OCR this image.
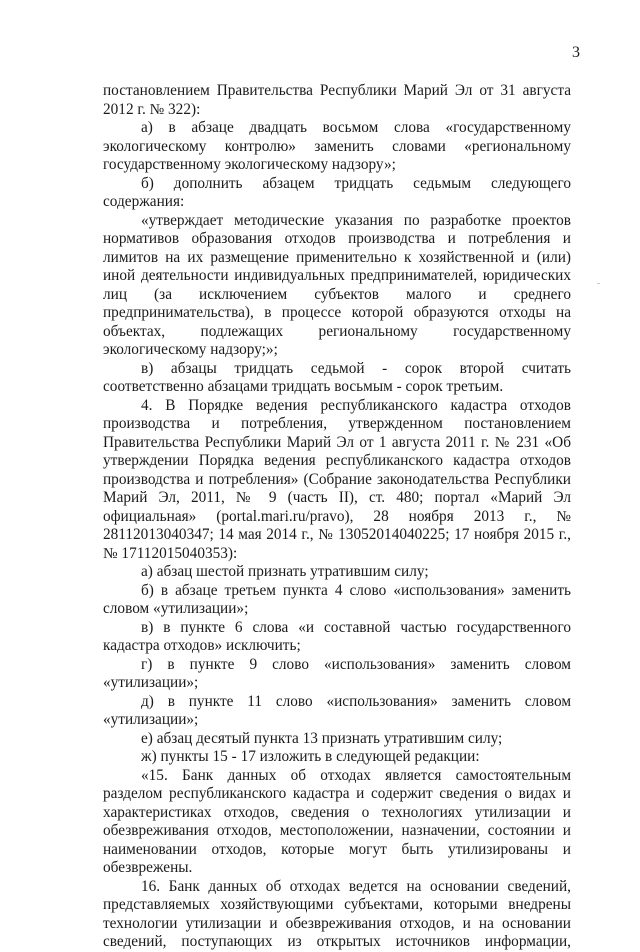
3

постановлением Правительства Республики Марий Эл от 31 августа 2012 г. № 322):

а) в абзаце двадцать восьмом слова «государственному экологическому контролю» заменить словами «региональному государственному экологическому надзору»;

б) дополнить абзацем тридцать седьмым следующего содержания:

«утверждает методические указания по разработке проектов нормативов образования отходов производства и потребления и лимитов на их размещение применительно к хозяйственной и (или) иной деятельности индивидуальных предпринимателей, юридических лиц (за исключением субъектов малого и среднего предпринимательства), в процессе которой образуются отходы на объектах, подлежащих региональному государственному экологическому надзору;»;

в) абзацы тридцать седьмой - сорок второй считать соответственно абзацами тридцать восьмым - сорок третьим.

4. В Порядке ведения республиканского кадастра отходов производства и потребления, утвержденном постановлением Правительства Республики Марий Эл от 1 августа 2011 г. № 231 «Об утверждении Порядка ведения республиканского кадастра отходов производства и потребления» (Собрание законодательства Республики Марий Эл, 2011, № 9 (часть II), ст. 480; портал «Марий Эл официальная» (portal.mari.ru/pravo), 28 ноября 2013 г., № 28112013040347; 14 мая 2014 г., № 13052014040225; 17 ноября 2015 г., № 17112015040353):

а) абзац шестой признать утратившим силу;

б) в абзаце третьем пункта 4 слово «использования» заменить словом «утилизации»;

в) в пункте 6 слова «и составной частью государственного кадастра отходов» исключить;

г) в пункте 9 слово «использования» заменить словом «утилизации»;

д) в пункте 11 слово «использования» заменить словом «утилизации»;

е) абзац десятый пункта 13 признать утратившим силу;

ж) пункты 15 - 17 изложить в следующей редакции:

«15. Банк данных об отходах является самостоятельным разделом республиканского кадастра и содержит сведения о видах и характеристиках отходов, сведения о технологиях утилизации и обезвреживания отходов, местоположении, назначении, состоянии и наименовании отходов, которые могут быть утилизированы и обезврежены.

16. Банк данных об отходах ведется на основании сведений, представляемых хозяйствующими субъектами, которыми внедрены технологии утилизации и обезвреживания отходов, и на основании сведений, поступающих из открытых источников информации,
